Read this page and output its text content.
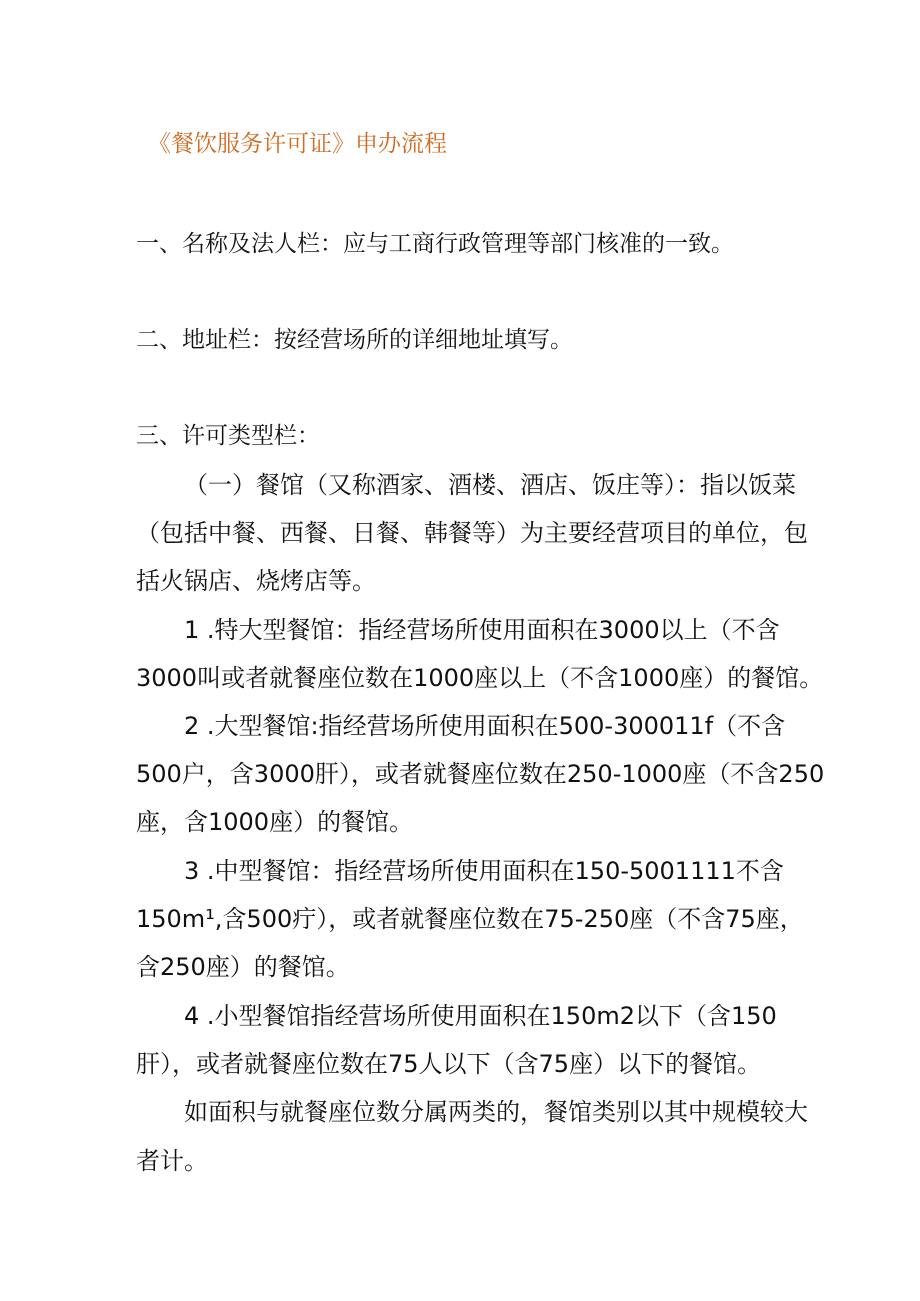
《餐饮服务许可证》申办流程
一、名称及法人栏：应与工商行政管理等部门核准的一致。
二、地址栏：按经营场所的详细地址填写。
三、许可类型栏：
（一）餐馆（又称酒家、酒楼、酒店、饭庄等）：指以饭菜
（包括中餐、西餐、日餐、韩餐等）为主要经营项目的单位，包
括火锅店、烧烤店等。
1 .特大型餐馆：指经营场所使用面积在3000以上（不含
3000叫或者就餐座位数在1000座以上（不含1000座）的餐馆。
2 .大型餐馆:指经营场所使用面积在500-300011f（不含
500户，含3000肝），或者就餐座位数在250-1000座（不含250
座，含1000座）的餐馆。
3 .中型餐馆：指经营场所使用面积在150-5001111不含
150m¹,含500疔），或者就餐座位数在75-250座（不含75座，
含250座）的餐馆。
4 .小型餐馆指经营场所使用面积在150m2以下（含150
肝），或者就餐座位数在75人以下（含75座）以下的餐馆。
如面积与就餐座位数分属两类的，餐馆类别以其中规模较大
者计。
